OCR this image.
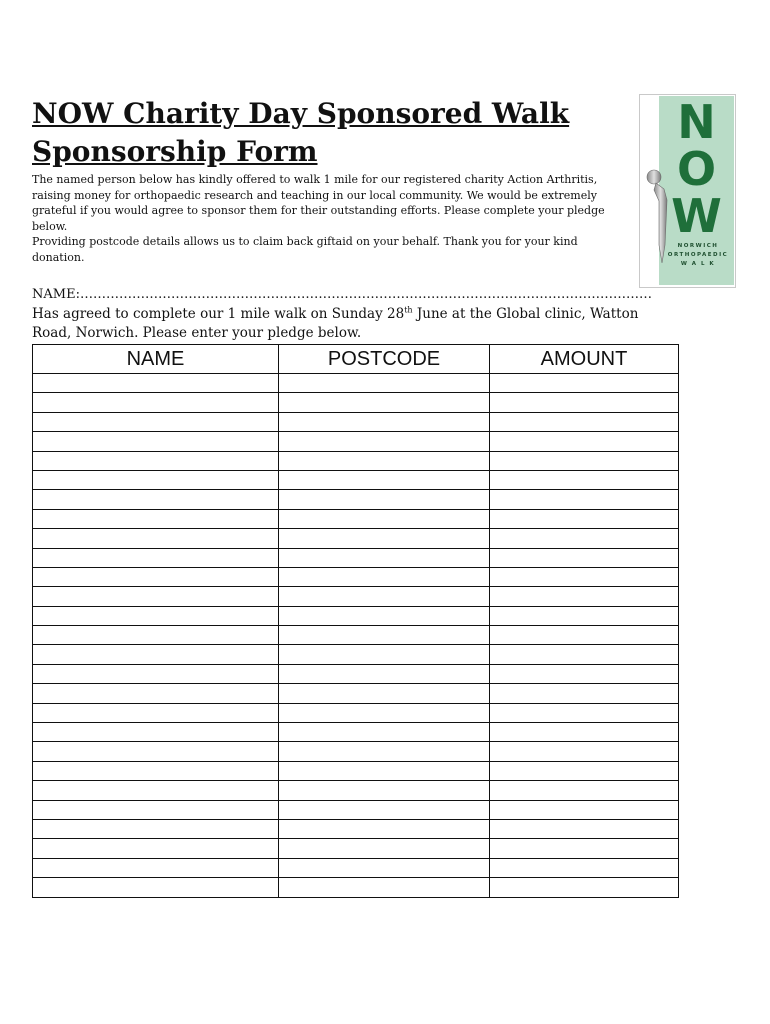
NOW Charity Day Sponsored Walk
Sponsorship Form

The named person below has kindly offered to walk 1 mile for our registered charity Action Arthritis, raising money for orthopaedic research and teaching in our local community. We would be extremely grateful if you would agree to sponsor them for their outstanding efforts. Please complete your pledge below.

Providing postcode details allows us to claim back giftaid on your behalf. Thank you for your kind donation.

N
O
W
NORWICH
ORTHOPAEDIC
W A L K
NAME:……………………………………………………………………………………………………………………
Has agreed to complete our 1 mile walk on Sunday 28th June at the Global clinic, Watton Road, Norwich. Please enter your pledge below.
NAME	POSTCODE	AMOUNT
